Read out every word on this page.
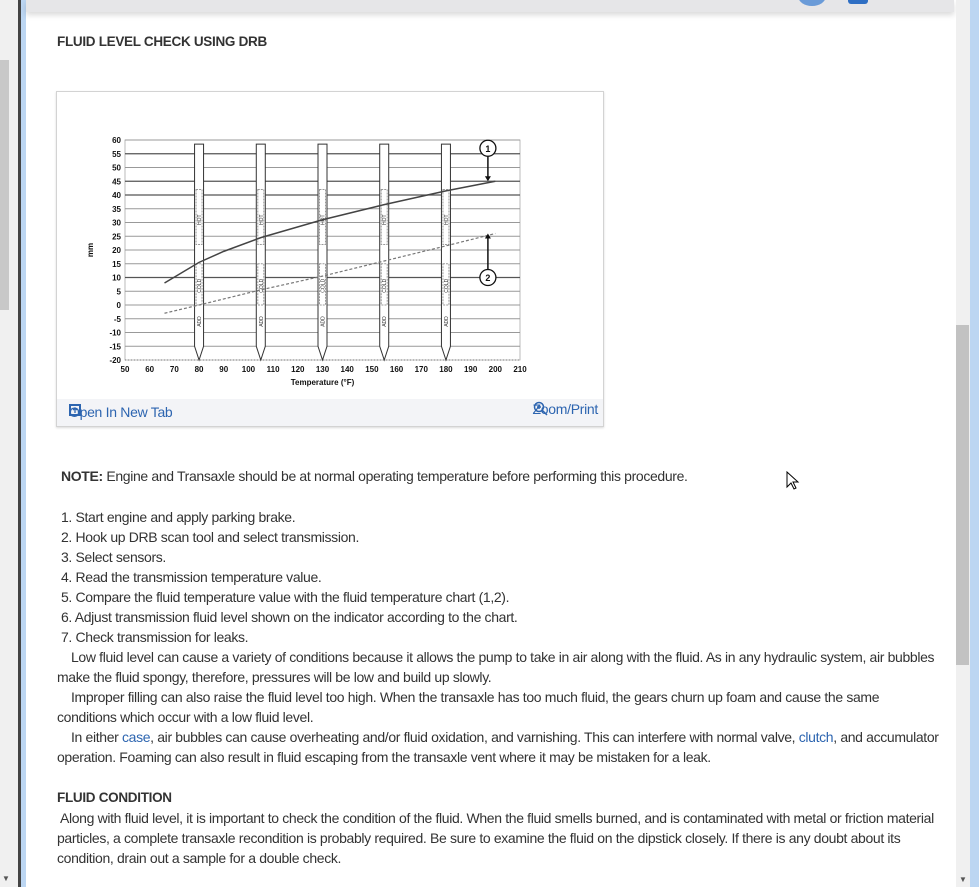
▼	▼
FLUID LEVEL CHECK USING DRB
60
55
50
45
40
35
30
25
20
15
10
5
0
-5
-10
-15
-20
50 60 70 80 90 100 110 120 130 140 150 160 170 180 190 200 210
Temperature (°F)
mm
ADD
COLD
HOT
ADD
COLD
HOT
ADD
COLD
HOT
ADD
COLD
HOT
ADD
COLD
HOT
1
2
Open In New Tab	Zoom/Print
NOTE: Engine and Transaxle should be at normal operating temperature before performing this procedure.
1. Start engine and apply parking brake.
2. Hook up DRB scan tool and select transmission.
3. Select sensors.
4. Read the transmission temperature value.
5. Compare the fluid temperature value with the fluid temperature chart (1,2).
6. Adjust transmission fluid level shown on the indicator according to the chart.
7. Check transmission for leaks.
Low fluid level can cause a variety of conditions because it allows the pump to take in air along with the fluid. As in any hydraulic system, air bubbles make the fluid spongy, therefore, pressures will be low and build up slowly.
Improper filling can also raise the fluid level too high. When the transaxle has too much fluid, the gears churn up foam and cause the same conditions which occur with a low fluid level.
In either case, air bubbles can cause overheating and/or fluid oxidation, and varnishing. This can interfere with normal valve, clutch, and accumulator operation. Foaming can also result in fluid escaping from the transaxle vent where it may be mistaken for a leak.
FLUID CONDITION
Along with fluid level, it is important to check the condition of the fluid. When the fluid smells burned, and is contaminated with metal or friction material particles, a complete transaxle recondition is probably required. Be sure to examine the fluid on the dipstick closely. If there is any doubt about its condition, drain out a sample for a double check.
